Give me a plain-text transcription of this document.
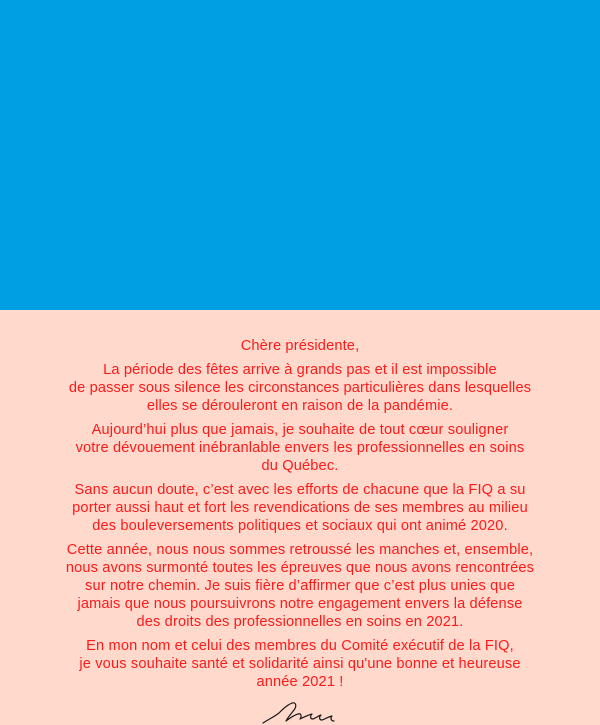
Chère présidente,

La période des fêtes arrive à grands pas et il est impossible
de passer sous silence les circonstances particulières dans lesquelles
elles se dérouleront en raison de la pandémie.

Aujourd’hui plus que jamais, je souhaite de tout cœur souligner
votre dévouement inébranlable envers les professionnelles en soins
du Québec.

Sans aucun doute, c’est avec les efforts de chacune que la FIQ a su
porter aussi haut et fort les revendications de ses membres au milieu
des bouleversements politiques et sociaux qui ont animé 2020.

Cette année, nous nous sommes retroussé les manches et, ensemble,
nous avons surmonté toutes les épreuves que nous avons rencontrées
sur notre chemin. Je suis fière d’affirmer que c’est plus unies que
jamais que nous poursuivrons notre engagement envers la défense
des droits des professionnelles en soins en 2021.

En mon nom et celui des membres du Comité exécutif de la FIQ,
je vous souhaite santé et solidarité ainsi qu'une bonne et heureuse
année 2021 !
